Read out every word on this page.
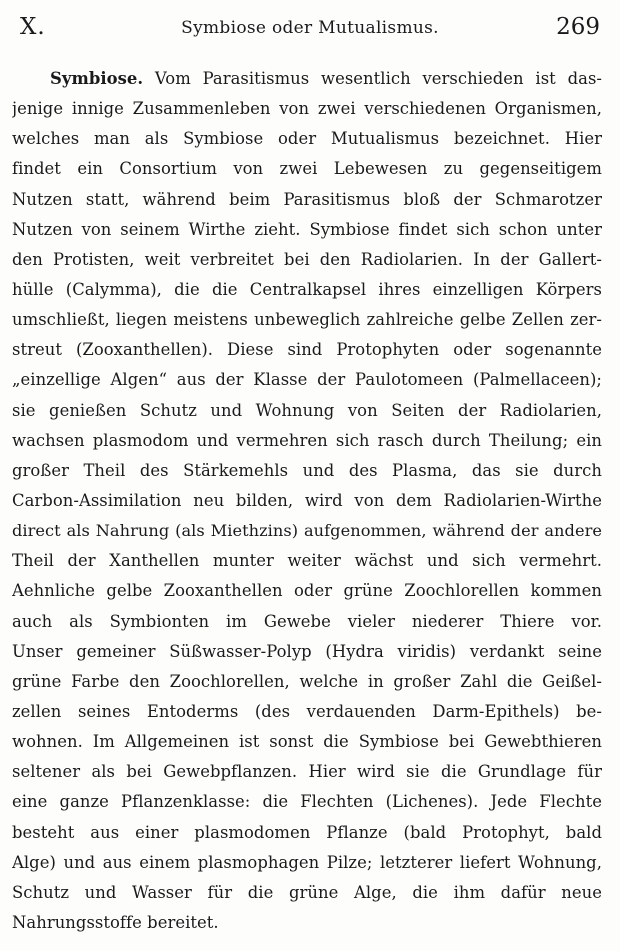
X.	Symbiose oder Mutualismus.	269
Symbiose. Vom Parasitismus wesentlich verschieden ist das-
jenige innige Zusammenleben von zwei verschiedenen Organismen,
welches man als Symbiose oder Mutualismus bezeichnet. Hier
findet ein Consortium von zwei Lebewesen zu gegenseitigem
Nutzen statt, während beim Parasitismus bloß der Schmarotzer
Nutzen von seinem Wirthe zieht. Symbiose findet sich schon unter
den Protisten, weit verbreitet bei den Radiolarien. In der Gallert-
hülle (Calymma), die die Centralkapsel ihres einzelligen Körpers
umschließt, liegen meistens unbeweglich zahlreiche gelbe Zellen zer-
streut (Zooxanthellen). Diese sind Protophyten oder sogenannte
„einzellige Algen“ aus der Klasse der Paulotomeen (Palmellaceen);
sie genießen Schutz und Wohnung von Seiten der Radiolarien,
wachsen plasmodom und vermehren sich rasch durch Theilung; ein
großer Theil des Stärkemehls und des Plasma, das sie durch
Carbon-Assimilation neu bilden, wird von dem Radiolarien-Wirthe
direct als Nahrung (als Miethzins) aufgenommen, während der andere
Theil der Xanthellen munter weiter wächst und sich vermehrt.
Aehnliche gelbe Zooxanthellen oder grüne Zoochlorellen kommen
auch als Symbionten im Gewebe vieler niederer Thiere vor.
Unser gemeiner Süßwasser-Polyp (Hydra viridis) verdankt seine
grüne Farbe den Zoochlorellen, welche in großer Zahl die Geißel-
zellen seines Entoderms (des verdauenden Darm-Epithels) be-
wohnen. Im Allgemeinen ist sonst die Symbiose bei Gewebthieren
seltener als bei Gewebpflanzen. Hier wird sie die Grundlage für
eine ganze Pflanzenklasse: die Flechten (Lichenes). Jede Flechte
besteht aus einer plasmodomen Pflanze (bald Protophyt, bald
Alge) und aus einem plasmophagen Pilze; letzterer liefert Wohnung,
Schutz und Wasser für die grüne Alge, die ihm dafür neue
Nahrungsstoffe bereitet.
